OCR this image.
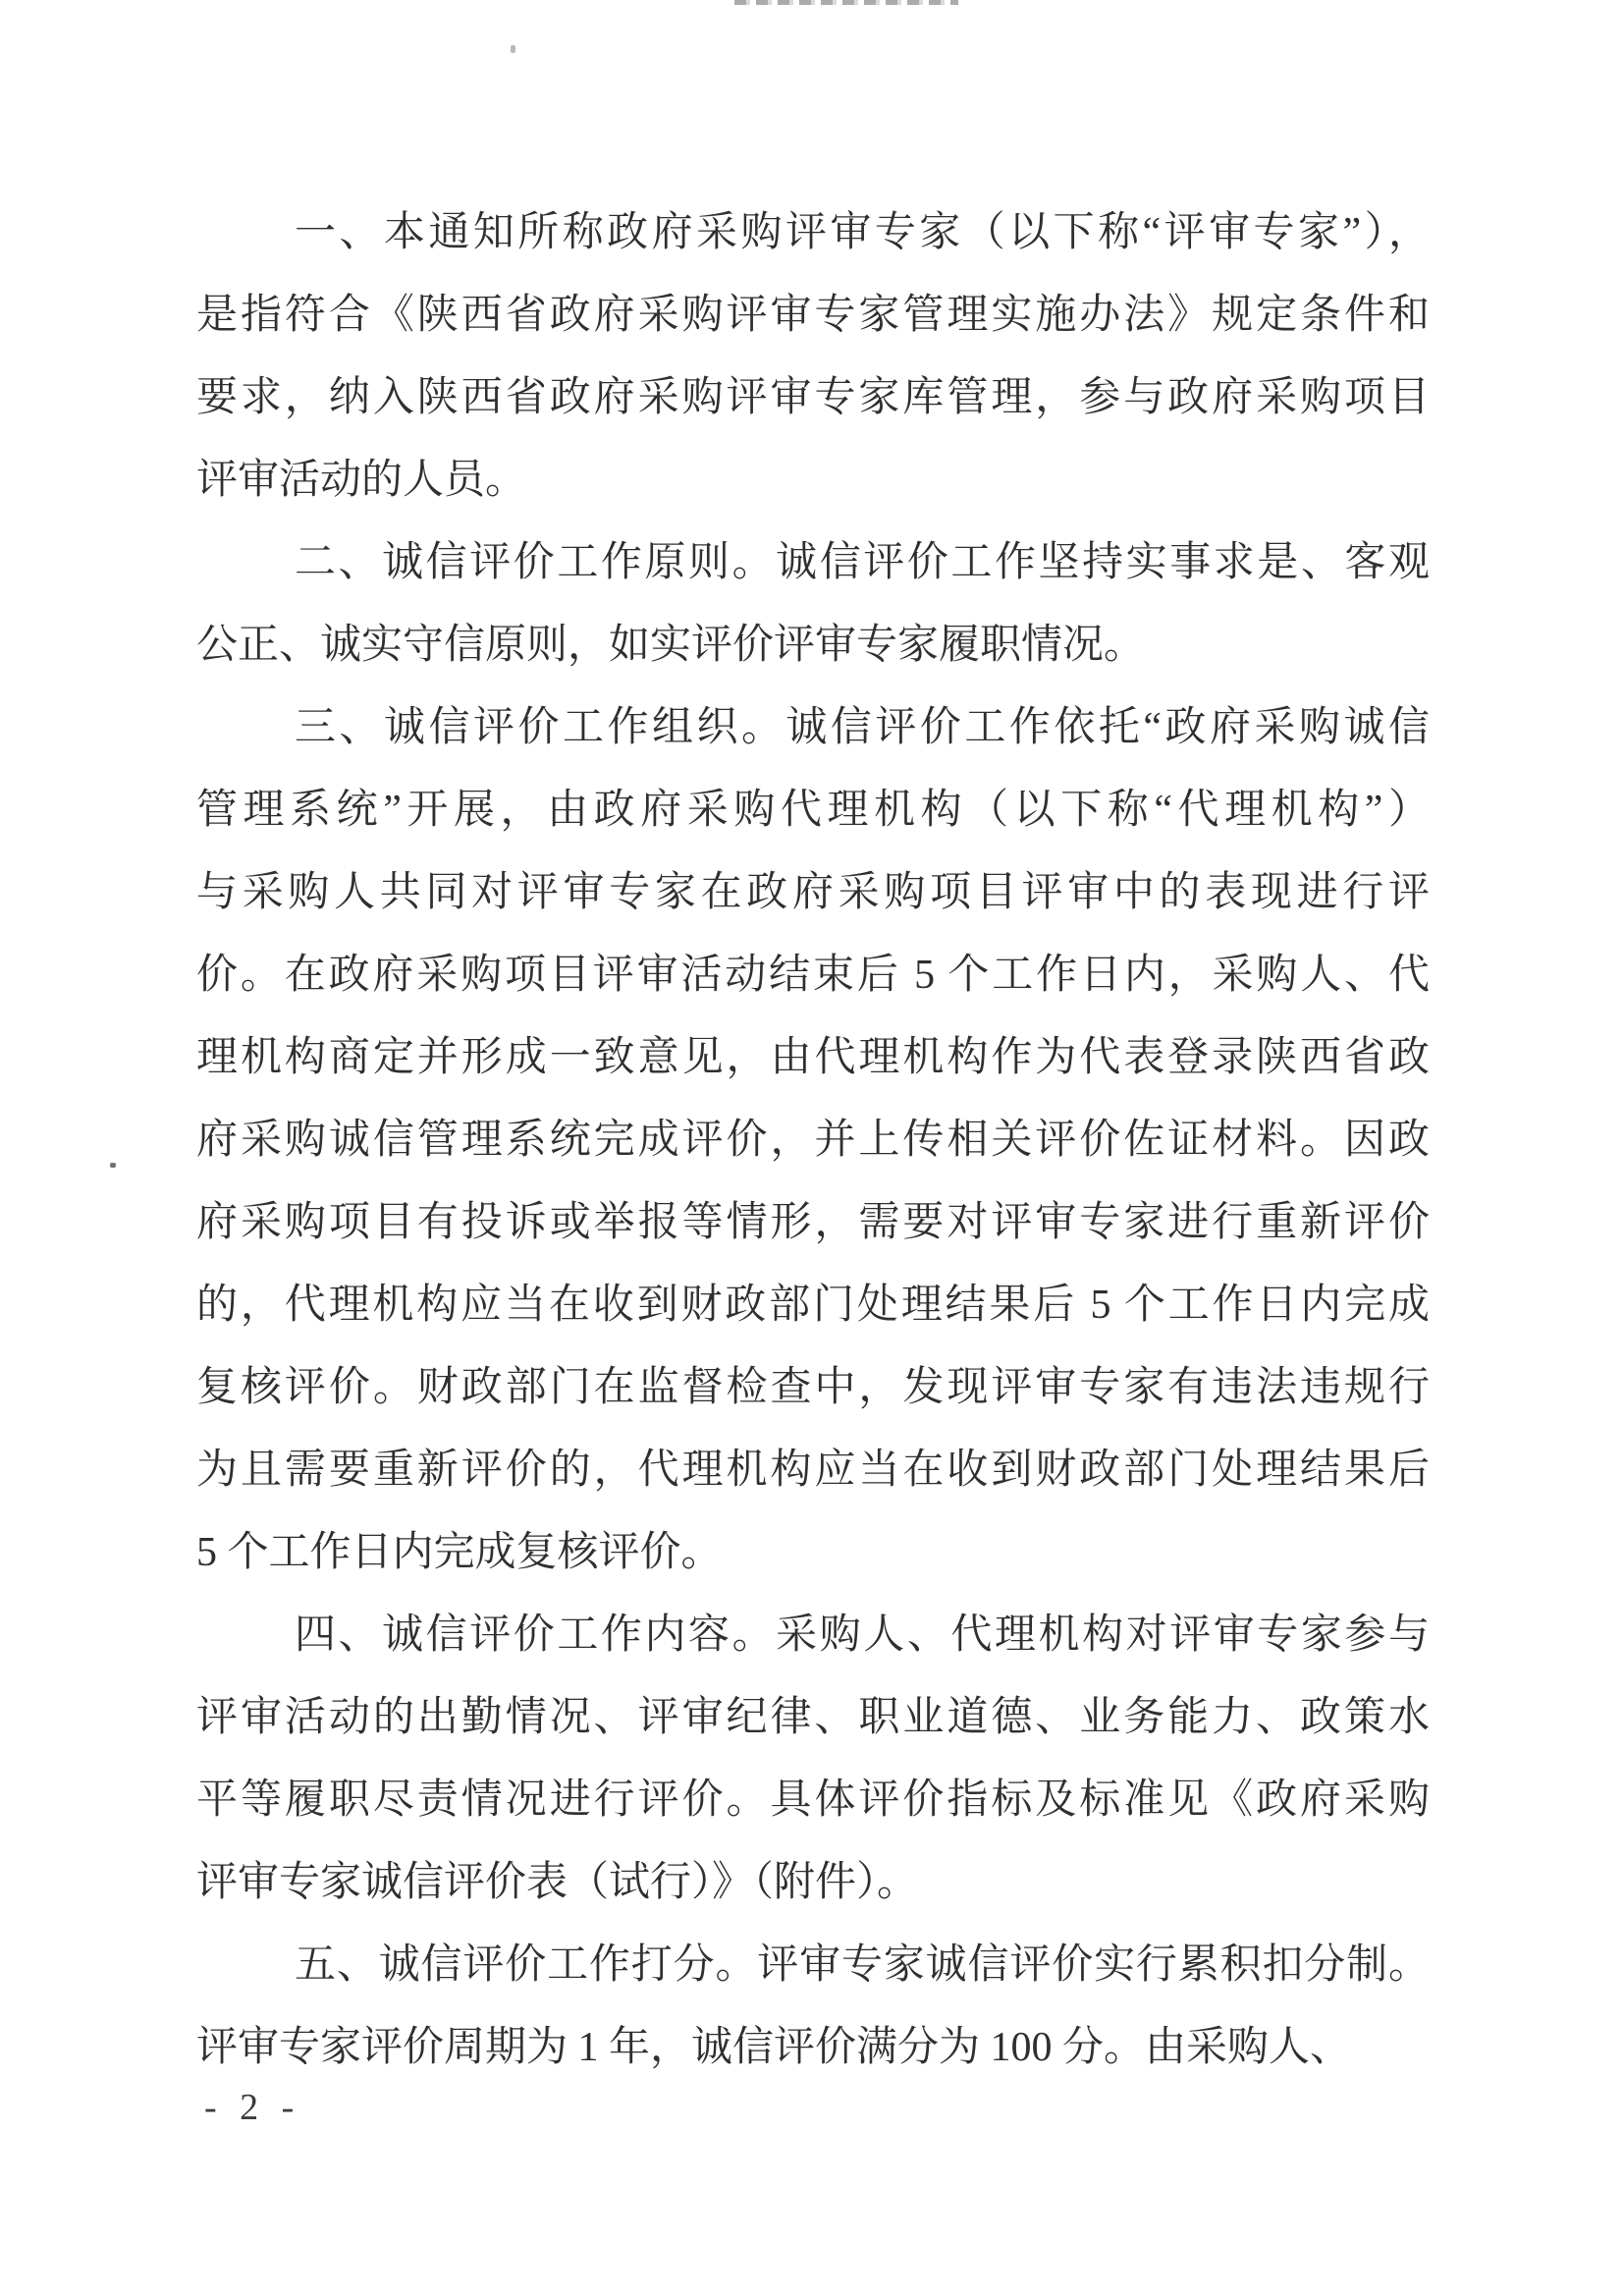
一、本通知所称政府采购评审专家（以下称“评审专家”），
是指符合《陕西省政府采购评审专家管理实施办法》规定条件和
要求，纳入陕西省政府采购评审专家库管理，参与政府采购项目
评审活动的人员。
二、诚信评价工作原则。诚信评价工作坚持实事求是、客观
公正、诚实守信原则，如实评价评审专家履职情况。
三、诚信评价工作组织。诚信评价工作依托“政府采购诚信
管理系统”开展，由政府采购代理机构（以下称“代理机构”）
与采购人共同对评审专家在政府采购项目评审中的表现进行评
价。在政府采购项目评审活动结束后 5 个工作日内，采购人、代
理机构商定并形成一致意见，由代理机构作为代表登录陕西省政
府采购诚信管理系统完成评价，并上传相关评价佐证材料。因政
府采购项目有投诉或举报等情形，需要对评审专家进行重新评价
的，代理机构应当在收到财政部门处理结果后 5 个工作日内完成
复核评价。财政部门在监督检查中，发现评审专家有违法违规行
为且需要重新评价的，代理机构应当在收到财政部门处理结果后
5 个工作日内完成复核评价。
四、诚信评价工作内容。采购人、代理机构对评审专家参与
评审活动的出勤情况、评审纪律、职业道德、业务能力、政策水
平等履职尽责情况进行评价。具体评价指标及标准见《政府采购
评审专家诚信评价表（试行）》（附件）。
五、诚信评价工作打分。评审专家诚信评价实行累积扣分制。
评审专家评价周期为 1 年，诚信评价满分为 100 分。由采购人、
- 2 -
